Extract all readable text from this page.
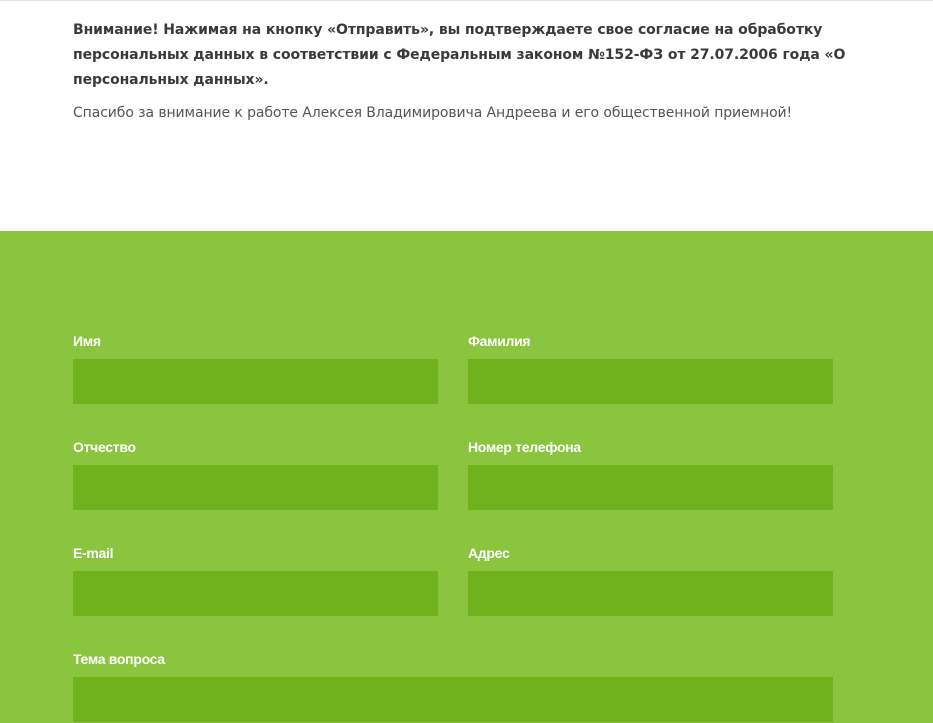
Внимание! Нажимая на кнопку «Отправить», вы подтверждаете свое согласие на обработку персональных данных в соответствии с Федеральным законом №152-ФЗ от 27.07.2006 года «О персональных данных».

Спасибо за внимание к работе Алексея Владимировича Андреева и его общественной приемной!

Имя	Фамилия
Отчество	Номер телефона
E-mail	Адрес
Тема вопроса
